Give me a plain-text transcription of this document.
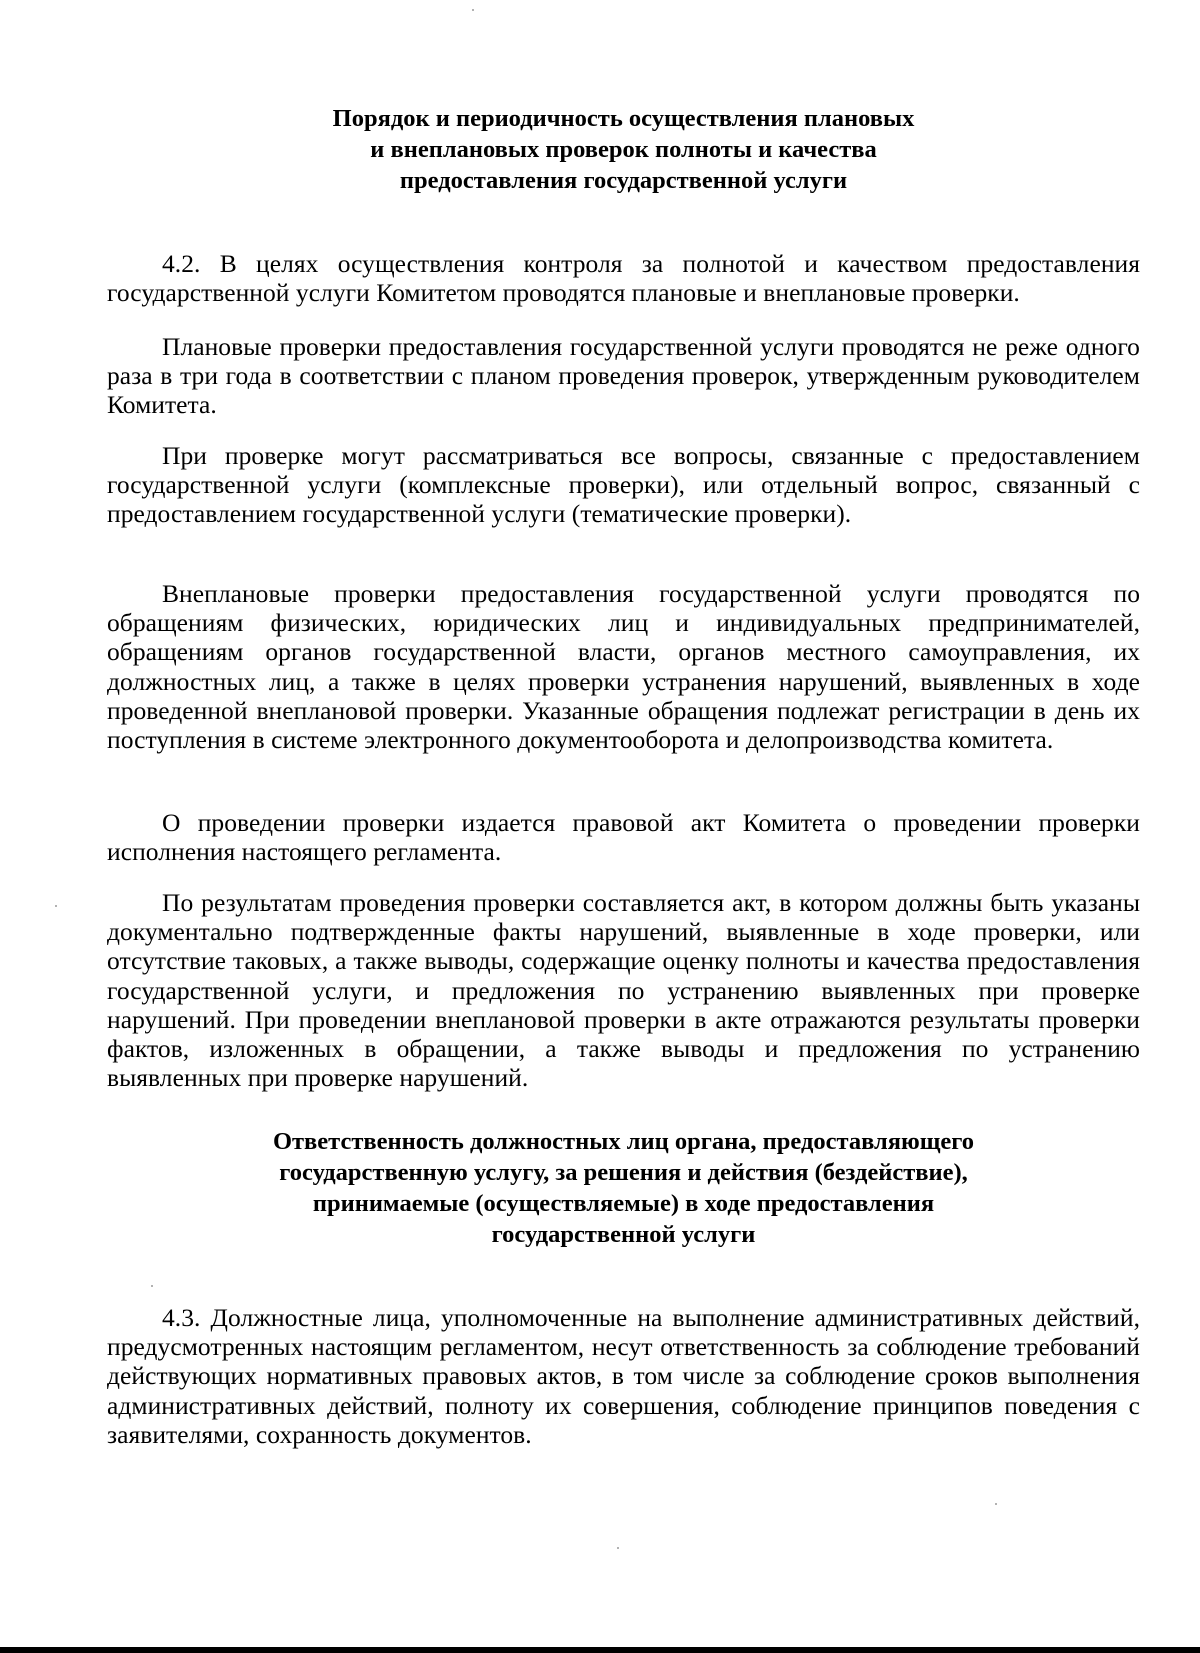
Порядок и периодичность осуществления плановых
и внеплановых проверок полноты и качества
предоставления государственной услуги

4.2. В целях осуществления контроля за полнотой и качеством предоставления государственной услуги Комитетом проводятся плановые и внеплановые проверки.

Плановые проверки предоставления государственной услуги проводятся не реже одного раза в три года в соответствии с планом проведения проверок, утвержденным руководителем Комитета.

При проверке могут рассматриваться все вопросы, связанные с предоставлением государственной услуги (комплексные проверки), или отдельный вопрос, связанный с предоставлением государственной услуги (тематические проверки).

Внеплановые проверки предоставления государственной услуги проводятся по обращениям физических, юридических лиц и индивидуальных предпринимателей, обращениям органов государственной власти, органов местного самоуправления, их должностных лиц, а также в целях проверки устранения нарушений, выявленных в ходе проведенной внеплановой проверки. Указанные обращения подлежат регистрации в день их поступления в системе электронного документооборота и делопроизводства комитета.

О проведении проверки издается правовой акт Комитета о проведении проверки исполнения настоящего регламента.

По результатам проведения проверки составляется акт, в котором должны быть указаны документально подтвержденные факты нарушений, выявленные в ходе проверки, или отсутствие таковых, а также выводы, содержащие оценку полноты и качества предоставления государственной услуги, и предложения по устранению выявленных при проверке нарушений. При проведении внеплановой проверки в акте отражаются результаты проверки фактов, изложенных в обращении, а также выводы и предложения по устранению выявленных при проверке нарушений.

Ответственность должностных лиц органа, предоставляющего
государственную услугу, за решения и действия (бездействие),
принимаемые (осуществляемые) в ходе предоставления
государственной услуги

4.3. Должностные лица, уполномоченные на выполнение административных действий, предусмотренных настоящим регламентом, несут ответственность за соблюдение требований действующих нормативных правовых актов, в том числе за соблюдение сроков выполнения административных действий, полноту их совершения, соблюдение принципов поведения с заявителями, сохранность документов.
